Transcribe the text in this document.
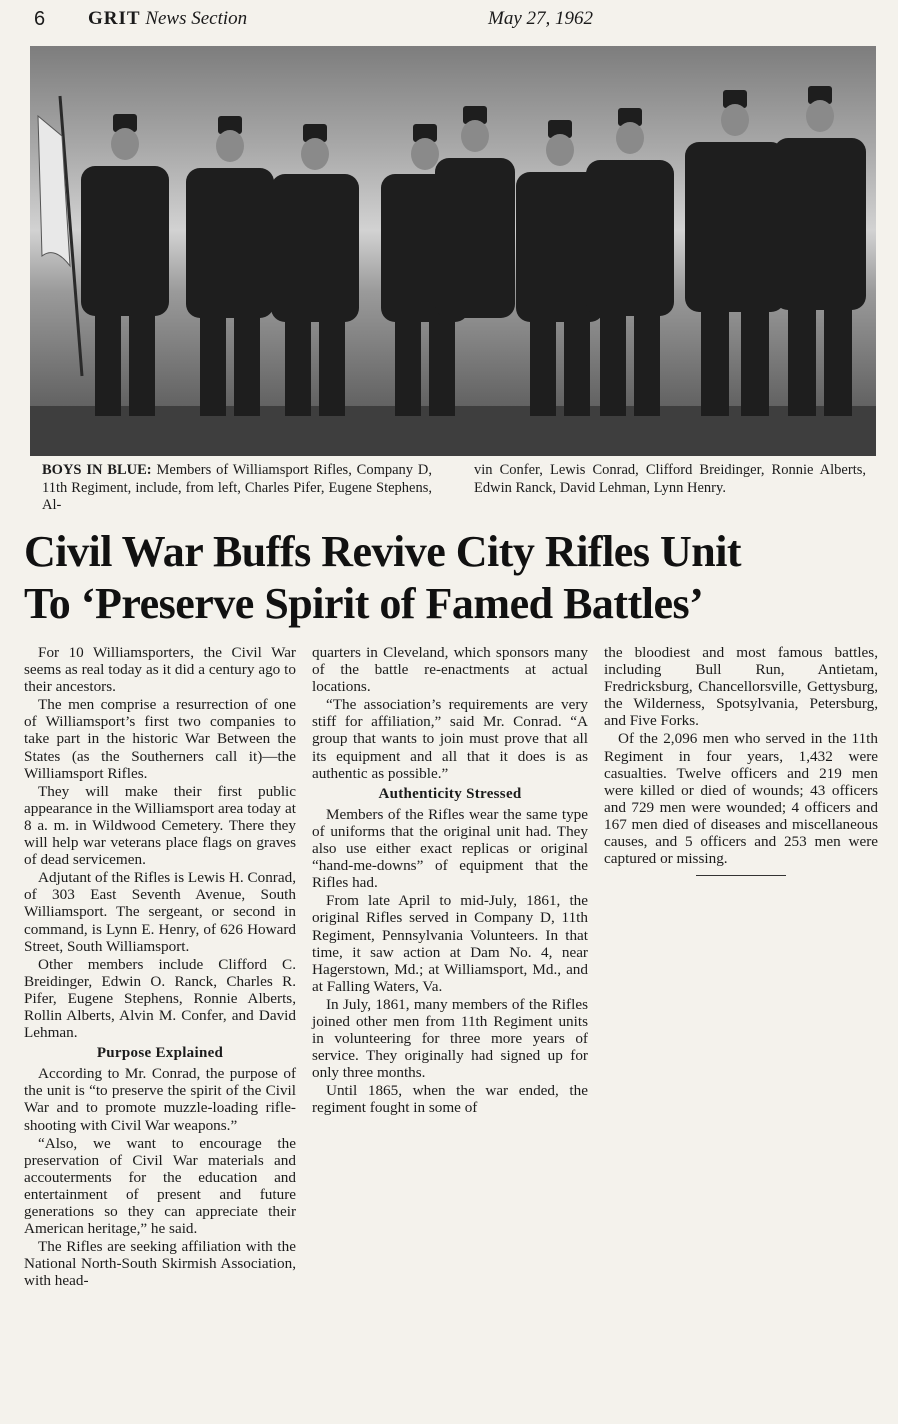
6 GRIT News Section	May 27, 1962
BOYS IN BLUE: Members of Williamsport Rifles, Company D, 11th Regiment, include, from left, Charles Pifer, Eugene Stephens, Al-
vin Confer, Lewis Conrad, Clifford Breidinger, Ronnie Alberts, Edwin Ranck, David Lehman, Lynn Henry.
Civil War Buffs Revive City Rifles Unit
To ‘Preserve Spirit of Famed Battles’

For 10 Williamsporters, the Civil War seems as real today as it did a century ago to their ancestors.

The men comprise a resurrection of one of Williamsport’s first two companies to take part in the historic War Between the States (as the Southerners call it)—the Williamsport Rifles.

They will make their first public appearance in the Williamsport area today at 8 a. m. in Wildwood Cemetery. There they will help war veterans place flags on graves of dead servicemen.

Adjutant of the Rifles is Lewis H. Conrad, of 303 East Seventh Avenue, South Williamsport. The sergeant, or second in command, is Lynn E. Henry, of 626 Howard Street, South Williamsport.

Other members include Clifford C. Breidinger, Edwin O. Ranck, Charles R. Pifer, Eugene Stephens, Ronnie Alberts, Rollin Alberts, Alvin M. Confer, and David Lehman.

Purpose Explained

According to Mr. Conrad, the purpose of the unit is “to preserve the spirit of the Civil War and to promote muzzle-loading rifle-shooting with Civil War weapons.”

“Also, we want to encourage the preservation of Civil War materials and accouterments for the education and entertainment of present and future generations so they can appreciate their American heritage,” he said.

The Rifles are seeking affiliation with the National North-South Skirmish Association, with head-

quarters in Cleveland, which sponsors many of the battle re-enactments at actual locations.

“The association’s requirements are very stiff for affiliation,” said Mr. Conrad. “A group that wants to join must prove that all its equipment and all that it does is as authentic as possible.”

Authenticity Stressed

Members of the Rifles wear the same type of uniforms that the original unit had. They also use either exact replicas or original “hand-me-downs” of equipment that the Rifles had.

From late April to mid-July, 1861, the original Rifles served in Company D, 11th Regiment, Pennsylvania Volunteers. In that time, it saw action at Dam No. 4, near Hagerstown, Md.; at Williamsport, Md., and at Falling Waters, Va.

In July, 1861, many members of the Rifles joined other men from 11th Regiment units in volunteering for three more years of service. They originally had signed up for only three months.

Until 1865, when the war ended, the regiment fought in some of

the bloodiest and most famous battles, including Bull Run, Antietam, Fredricksburg, Chancellorsville, Gettysburg, the Wilderness, Spotsylvania, Petersburg, and Five Forks.

Of the 2,096 men who served in the 11th Regiment in four years, 1,432 were casualties. Twelve officers and 219 men were killed or died of wounds; 43 officers and 729 men were wounded; 4 officers and 167 men died of diseases and miscellaneous causes, and 5 officers and 253 men were captured or missing.
